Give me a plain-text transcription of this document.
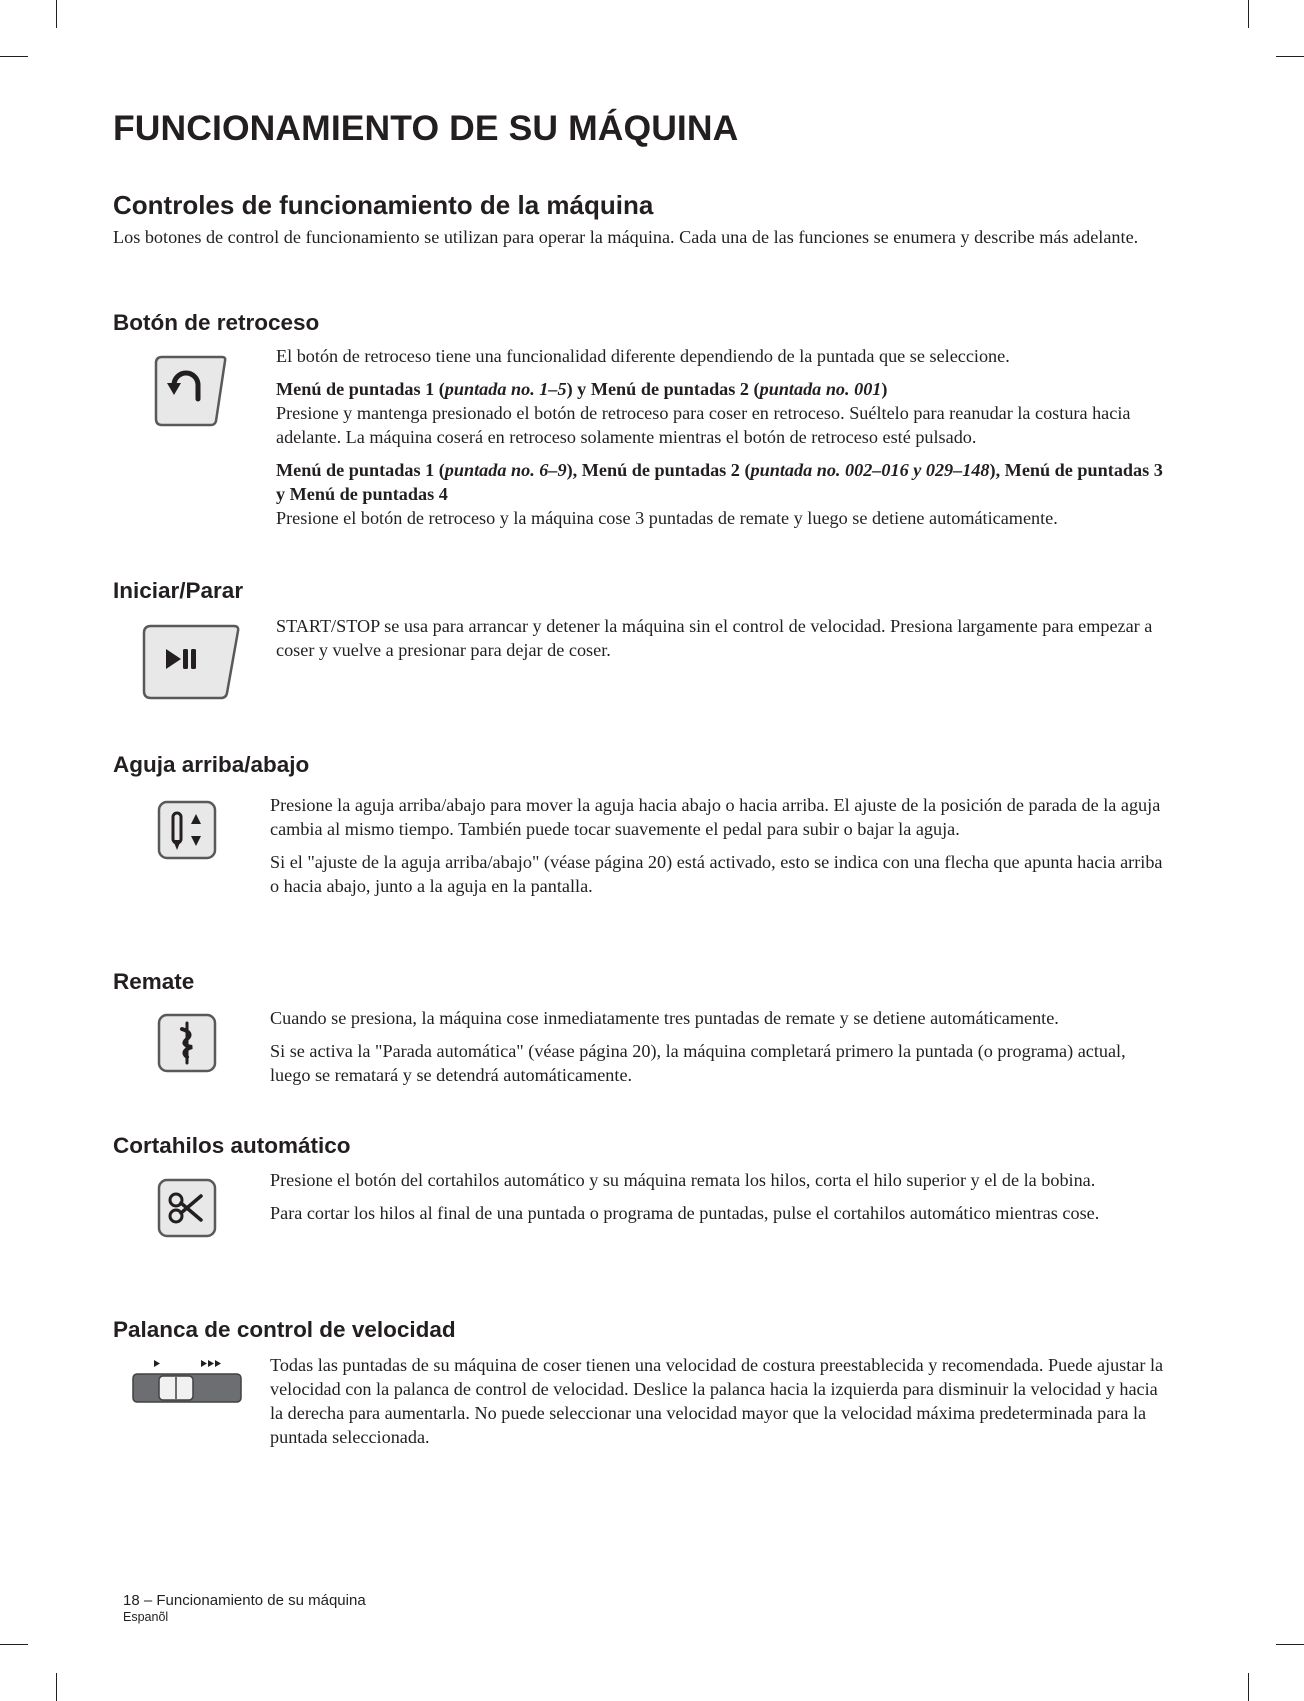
FUNCIONAMIENTO DE SU MÁQUINA
Controles de funcionamiento de la máquina

Los botones de control de funcionamiento se utilizan para operar la máquina. Cada una de las funciones se enumera y describe más adelante.

Botón de retroceso

El botón de retroceso tiene una funcionalidad diferente dependiendo de la puntada que se seleccione.

Menú de puntadas 1 (puntada no. 1–5) y Menú de puntadas 2 (puntada no. 001)
Presione y mantenga presionado el botón de retroceso para coser en retroceso. Suéltelo para reanudar la costura hacia adelante. La máquina coserá en retroceso solamente mientras el botón de retroceso esté pulsado.

Menú de puntadas 1 (puntada no. 6–9), Menú de puntadas 2 (puntada no. 002–016 y 029–148), Menú de puntadas 3 y Menú de puntadas 4
Presione el botón de retroceso y la máquina cose 3 puntadas de remate y luego se detiene automáticamente.

Iniciar/Parar

START/STOP se usa para arrancar y detener la máquina sin el control de velocidad. Presiona largamente para empezar a coser y vuelve a presionar para dejar de coser.

Aguja arriba/abajo

Presione la aguja arriba/abajo para mover la aguja hacia abajo o hacia arriba. El ajuste de la posición de parada de la aguja cambia al mismo tiempo. También puede tocar suavemente el pedal para subir o bajar la aguja.

Si el "ajuste de la aguja arriba/abajo" (véase página 20) está activado, esto se indica con una flecha que apunta hacia arriba o hacia abajo, junto a la aguja en la pantalla.

Remate

Cuando se presiona, la máquina cose inmediatamente tres puntadas de remate y se detiene automáticamente.

Si se activa la "Parada automática" (véase página 20), la máquina completará primero la puntada (o programa) actual, luego se rematará y se detendrá automáticamente.

Cortahilos automático

Presione el botón del cortahilos automático y su máquina remata los hilos, corta el hilo superior y el de la bobina.

Para cortar los hilos al final de una puntada o programa de puntadas, pulse el cortahilos automático mientras cose.

Palanca de control de velocidad

Todas las puntadas de su máquina de coser tienen una velocidad de costura preestablecida y recomendada. Puede ajustar la velocidad con la palanca de control de velocidad. Deslice la palanca hacia la izquierda para disminuir la velocidad y hacia la derecha para aumentarla. No puede seleccionar una velocidad mayor que la velocidad máxima predeterminada para la puntada seleccionada.

18 – Funcionamiento de su máquina
Espanõl
